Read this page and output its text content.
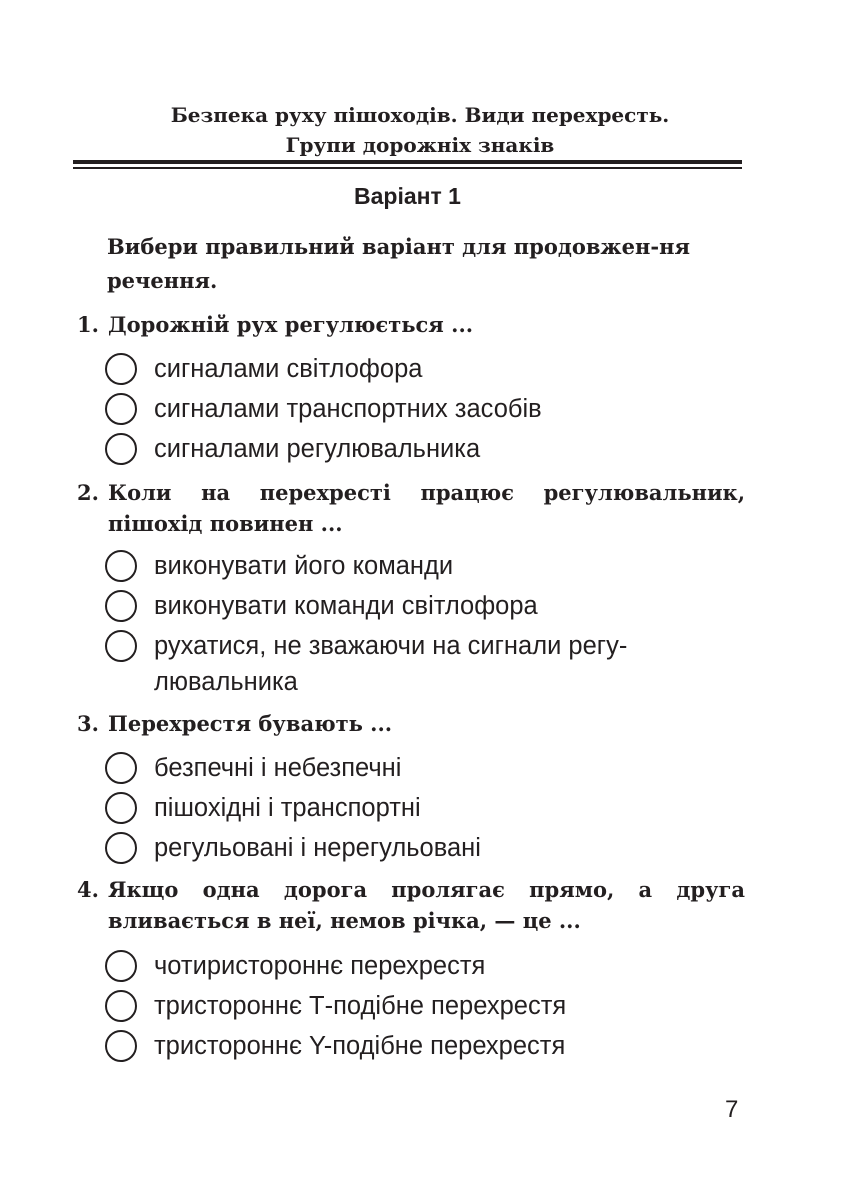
Безпека руху пішоходів. Види перехресть.
Групи дорожніх знаків
Варіант 1
Вибери правильний варіант для продовжен-ня речення.
1. Дорожній рух регулюється ...
сигналами світлофора
сигналами транспортних засобів
сигналами регулювальника
2. Коли на перехресті працює регулювальник, пішохід повинен ...
виконувати його команди
виконувати команди світлофора
рухатися, не зважаючи на сигнали регу-лювальника
3. Перехрестя бувають ...
безпечні і небезпечні
пішохідні і транспортні
регульовані і нерегульовані
4. Якщо одна дорога пролягає прямо, а друга вливається в неї, немов річка, — це ...
чотиристороннє перехрестя
тристороннє Т-подібне перехрестя
тристороннє Y-подібне перехрестя
7
